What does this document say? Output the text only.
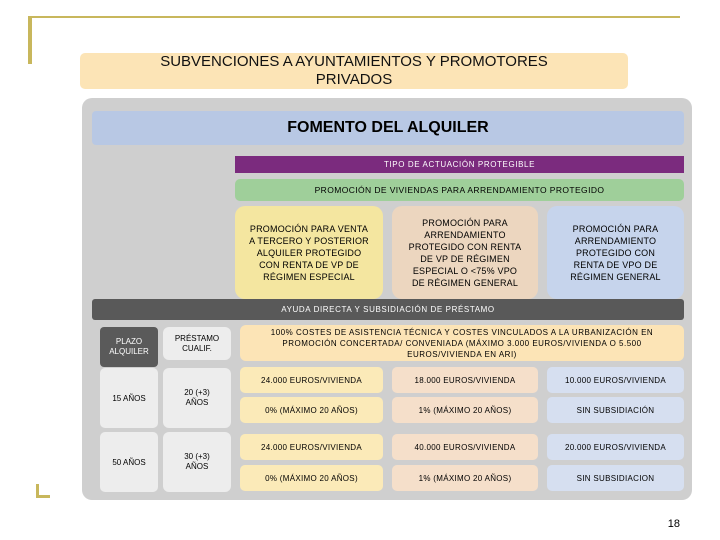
SUBVENCIONES A AYUNTAMIENTOS Y PROMOTORES PRIVADOS
FOMENTO DEL ALQUILER
TIPO DE ACTUACIÓN PROTEGIBLE
PROMOCIÓN DE VIVIENDAS PARA ARRENDAMIENTO PROTEGIDO
PROMOCIÓN PARA VENTA A TERCERO Y POSTERIOR ALQUILER PROTEGIDO CON RENTA DE VP DE RÉGIMEN ESPECIAL
PROMOCIÓN PARA ARRENDAMIENTO PROTEGIDO CON RENTA DE VP DE RÉGIMEN ESPECIAL O <75% VPO DE RÉGIMEN GENERAL
PROMOCIÓN PARA ARRENDAMIENTO PROTEGIDO CON RENTA DE VPO DE RÉGIMEN GENERAL
AYUDA DIRECTA Y SUBSIDIACIÓN DE PRÉSTAMO
PLAZO ALQUILER
PRÉSTAMO CUALIF.
100% COSTES DE ASISTENCIA TÉCNICA Y COSTES VINCULADOS A LA URBANIZACIÓN EN PROMOCIÓN CONCERTADA/ CONVENIADA (MÁXIMO 3.000 EUROS/VIVIENDA O 5.500 EUROS/VIVIENDA EN ARI)
15 AÑOS
20 (+3) AÑOS
24.000 EUROS/VIVIENDA	18.000 EUROS/VIVIENDA	10.000 EUROS/VIVIENDA
0% (MÁXIMO 20 AÑOS)	1% (MÁXIMO 20 AÑOS)	SIN SUBSIDIACIÓN
50 AÑOS
30 (+3) AÑOS
24.000 EUROS/VIVIENDA	40.000 EUROS/VIVIENDA	20.000 EUROS/VIVIENDA
0% (MÁXIMO 20 AÑOS)	1% (MÁXIMO 20 AÑOS)	SIN SUBSIDIACION
18
